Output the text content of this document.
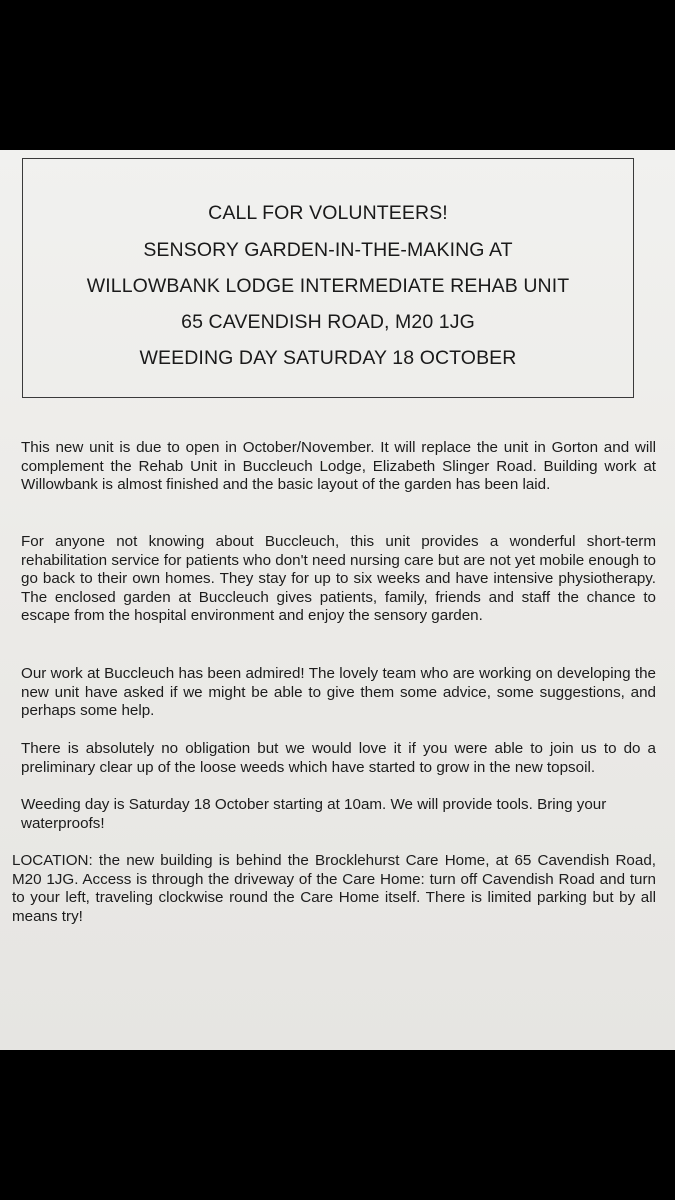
CALL FOR VOLUNTEERS!
SENSORY GARDEN-IN-THE-MAKING AT
WILLOWBANK LODGE INTERMEDIATE REHAB UNIT
65 CAVENDISH ROAD, M20 1JG
WEEDING DAY SATURDAY 18 OCTOBER

This new unit is due to open in October/November. It will replace the unit in Gorton and will complement the Rehab Unit in Buccleuch Lodge, Elizabeth Slinger Road. Building work at Willowbank is almost finished and the basic layout of the garden has been laid.

For anyone not knowing about Buccleuch, this unit provides a wonderful short-term rehabilitation service for patients who don't need nursing care but are not yet mobile enough to go back to their own homes. They stay for up to six weeks and have intensive physiotherapy. The enclosed garden at Buccleuch gives patients, family, friends and staff the chance to escape from the hospital environment and enjoy the sensory garden.

Our work at Buccleuch has been admired! The lovely team who are working on developing the new unit have asked if we might be able to give them some advice, some suggestions, and perhaps some help.

There is absolutely no obligation but we would love it if you were able to join us to do a preliminary clear up of the loose weeds which have started to grow in the new topsoil.

Weeding day is Saturday 18 October starting at 10am. We will provide tools. Bring your waterproofs!

LOCATION: the new building is behind the Brocklehurst Care Home, at 65 Cavendish Road, M20 1JG. Access is through the driveway of the Care Home: turn off Cavendish Road and turn to your left, traveling clockwise round the Care Home itself. There is limited parking but by all means try!
